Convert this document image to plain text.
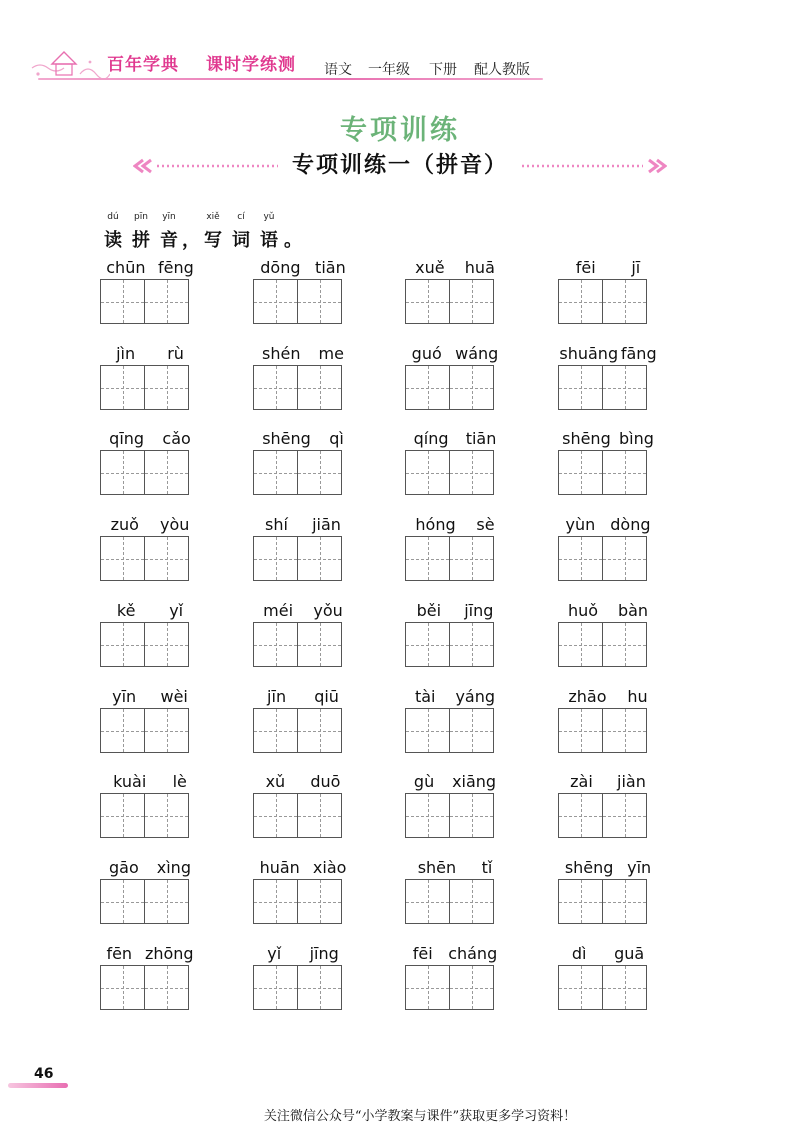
百年学典 课时学练测 语文 一年级 下册 配人教版
专项训练
专项训练一（拼音）
dú
读
pīn
拼
yīn
音 ，
xiě
写
cí
词
yǔ
语 。
chūn fēng	dōng tiān	xuě huā	fēi jī
jìn rù	shén me	guó wáng	shuāng fāng
qīng cǎo	shēng qì	qíng tiān	shēng bìng
zuǒ yòu	shí jiān	hóng sè	yùn dòng
kě yǐ	méi yǒu	běi jīng	huǒ bàn
yīn wèi	jīn qiū	tài yáng	zhāo hu
kuài lè	xǔ duō	gù xiāng	zài jiàn
gāo xìng	huān xiào	shēn tǐ	shēng yīn
fēn zhōng	yǐ jīng	fēi cháng	dì guā
46
关注微信公众号“小学教案与课件”获取更多学习资料！
